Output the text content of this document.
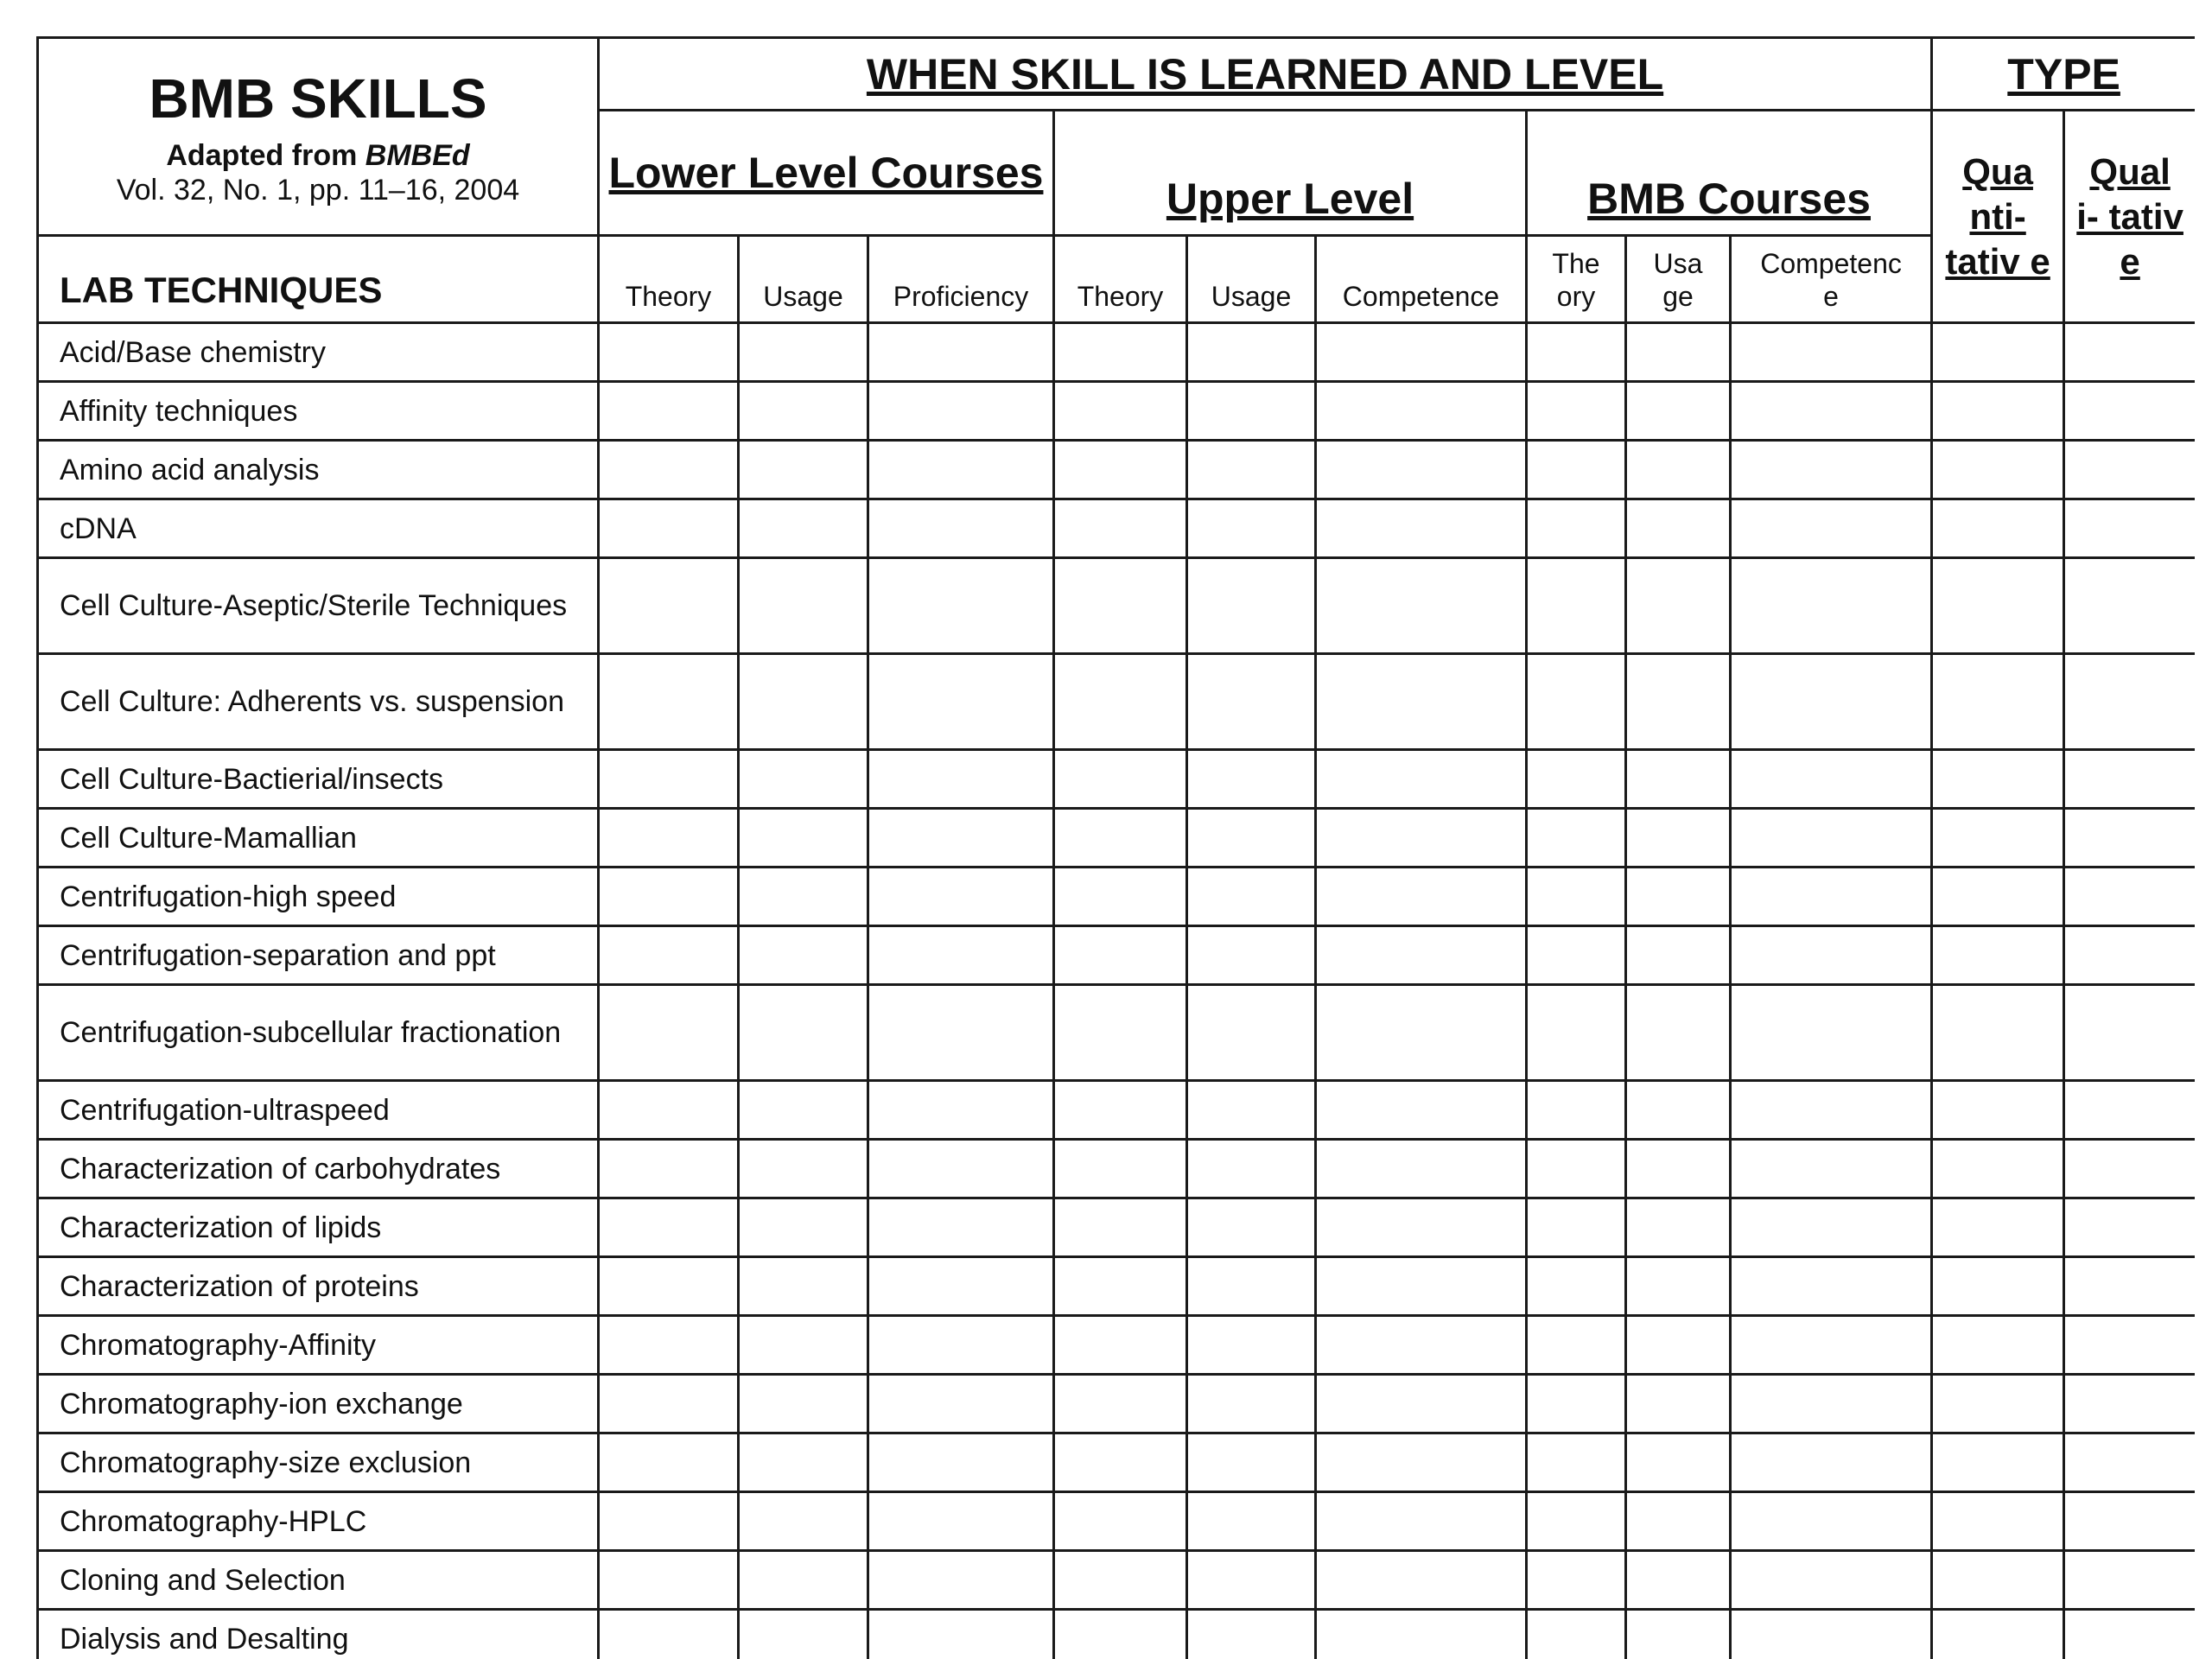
BMB SKILLS
Adapted from BMBEd
Vol. 32, No. 1, pp. 11–16, 2004	WHEN SKILL IS LEARNED AND LEVEL									TYPE	
	Lower Level Courses			Upper Level			BMB Courses			Qua nti- tativ e	Qual i- tativ e
LAB TECHNIQUES	Theory	Usage	Proficiency	Theory	Usage	Competence	The ory	Usa ge	Competenc e		
Acid/Base chemistry											
Affinity techniques											
Amino acid analysis											
cDNA											
Cell Culture-Aseptic/Sterile Techniques											
Cell Culture: Adherents vs. suspension											
Cell Culture-Bactierial/insects											
Cell Culture-Mamallian											
Centrifugation-high speed											
Centrifugation-separation and ppt											
Centrifugation-subcellular fractionation											
Centrifugation-ultraspeed											
Characterization of carbohydrates											
Characterization of lipids											
Characterization of proteins											
Chromatography-Affinity											
Chromatography-ion exchange											
Chromatography-size exclusion											
Chromatography-HPLC											
Cloning and Selection											
Dialysis and Desalting											
